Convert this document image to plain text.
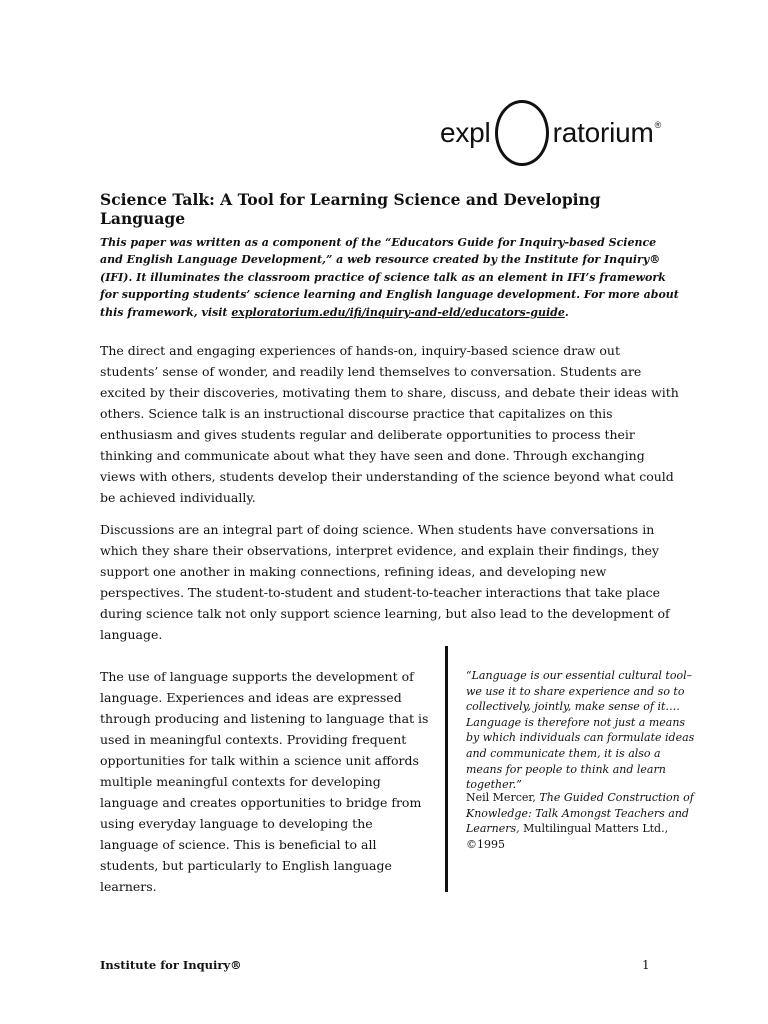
expl ratorium®
Science Talk: A Tool for Learning Science and Developing Language

This paper was written as a component of the “Educators Guide for Inquiry-based Science and English Language Development,” a web resource created by the Institute for Inquiry® (IFI). It illuminates the classroom practice of science talk as an element in IFI’s framework for supporting students’ science learning and English language development. For more about this framework, visit exploratorium.edu/ifi/inquiry-and-eld/educators-guide.

The direct and engaging experiences of hands-on, inquiry-based science draw out students’ sense of wonder, and readily lend themselves to conversation. Students are excited by their discoveries, motivating them to share, discuss, and debate their ideas with others. Science talk is an instructional discourse practice that capitalizes on this enthusiasm and gives students regular and deliberate opportunities to process their thinking and communicate about what they have seen and done. Through exchanging views with others, students develop their understanding of the science beyond what could be achieved individually.

Discussions are an integral part of doing science. When students have conversations in which they share their observations, interpret evidence, and explain their findings, they support one another in making connections, refining ideas, and developing new perspectives. The student-to-student and student-to-teacher interactions that take place during science talk not only support science learning, but also lead to the development of language.

The use of language supports the development of language. Experiences and ideas are expressed through producing and listening to language that is used in meaningful contexts. Providing frequent opportunities for talk within a science unit affords multiple meaningful contexts for developing language and creates opportunities to bridge from using everyday language to developing the language of science. This is beneficial to all students, but particularly to English language learners.

“Language is our essential cultural tool–we use it to share experience and so to collectively, jointly, make sense of it…. Language is therefore not just a means by which individuals can formulate ideas and communicate them, it is also a means for people to think and learn together.”

Neil Mercer, The Guided Construction of Knowledge: Talk Amongst Teachers and Learners, Multilingual Matters Ltd., ©1995

Institute for Inquiry®	1
